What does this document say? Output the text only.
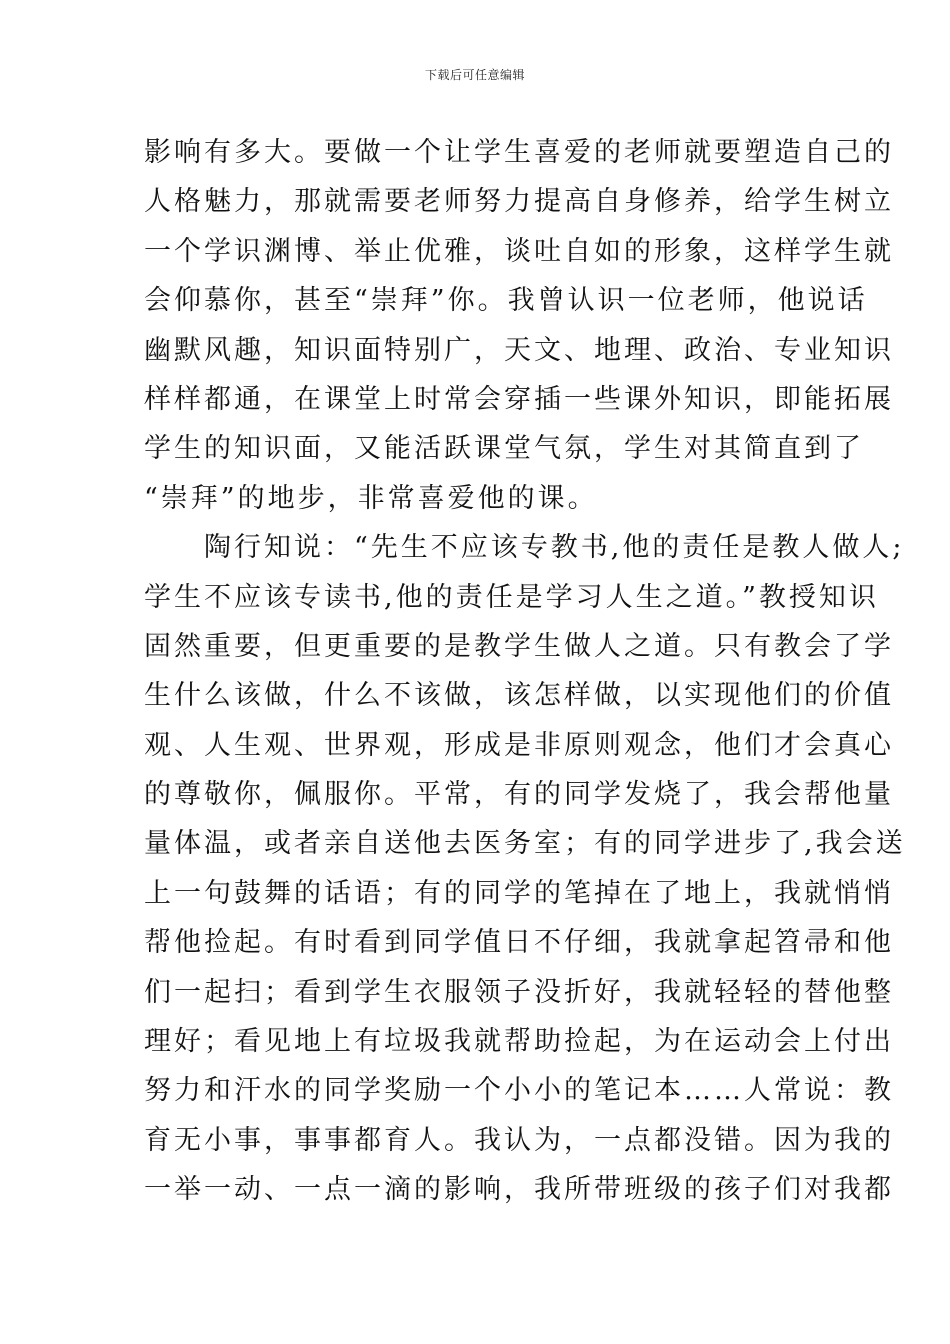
下载后可任意编辑
影响有多大。要做一个让学生喜爱的老师就要塑造自己的
人格魅力，那就需要老师努力提高自身修养，给学生树立
一个学识渊博、举止优雅，谈吐自如的形象，这样学生就
会仰慕你，甚至“崇拜”你。我曾认识一位老师，他说话
幽默风趣，知识面特别广，天文、地理、政治、专业知识
样样都通，在课堂上时常会穿插一些课外知识，即能拓展
学生的知识面，又能活跃课堂气氛，学生对其简直到了
“崇拜”的地步，非常喜爱他的课。
　　陶行知说：“先生不应该专教书,他的责任是教人做人;
学生不应该专读书,他的责任是学习人生之道。”教授知识
固然重要，但更重要的是教学生做人之道。只有教会了学
生什么该做，什么不该做，该怎样做，以实现他们的价值
观、人生观、世界观，形成是非原则观念，他们才会真心
的尊敬你，佩服你。平常，有的同学发烧了，我会帮他量
量体温，或者亲自送他去医务室；有的同学进步了,我会送
上一句鼓舞的话语；有的同学的笔掉在了地上，我就悄悄
帮他捡起。有时看到同学值日不仔细，我就拿起笤帚和他
们一起扫；看到学生衣服领子没折好，我就轻轻的替他整
理好；看见地上有垃圾我就帮助捡起，为在运动会上付出
努力和汗水的同学奖励一个小小的笔记本……人常说：教
育无小事，事事都育人。我认为，一点都没错。因为我的
一举一动、一点一滴的影响，我所带班级的孩子们对我都
